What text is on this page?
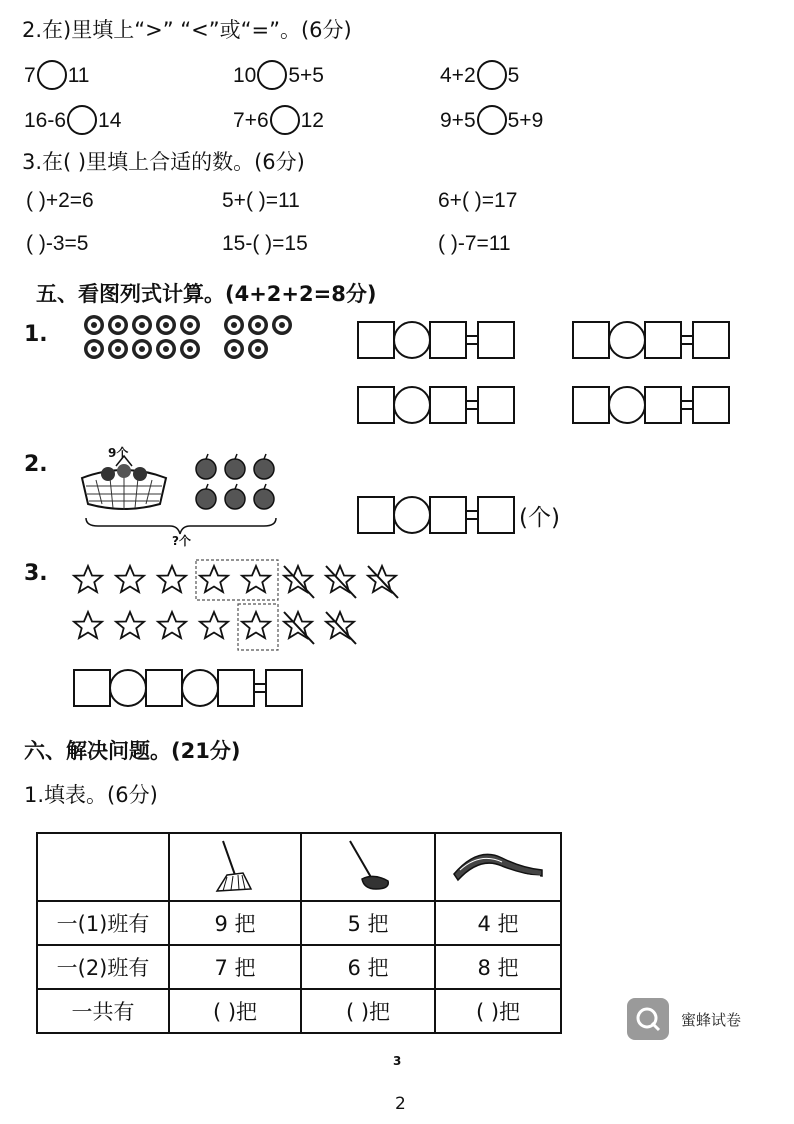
2.在)里填上“>” “<”或“=”。(6分)
7 11	10 5+5	4+2 5
16-6 14	7+6 12	9+5 5+9
3.在( )里填上合适的数。(6分)
( )+2=6	5+( )=11	6+( )=17
( )-3=5	15-( )=15	( )-7=11
五、看图列式计算。(4+2+2=8分)
1.
2.	9个
?个
(个)
3.
六、解决问题。(21分)
1.填表。(6分)

一(1)班有	9 把	5 把	4 把
一(2)班有	7 把	6 把	8 把
一共有	( )把	( )把	( )把	蜜蜂试卷
3
2
